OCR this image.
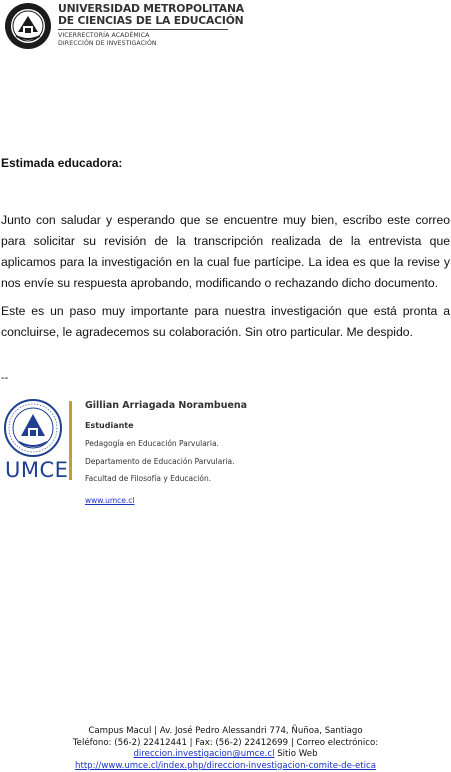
UNIVERSIDAD METROPOLITANA
DE CIENCIAS DE LA EDUCACIÓN
VICERRECTORÍA ACADÉMICA
DIRECCIÓN DE INVESTIGACIÓN

Estimada educadora:

Junto con saludar y esperando que se encuentre muy bien, escribo este correo para solicitar su revisión de la transcripción realizada de la entrevista que aplicamos para la investigación en la cual fue partícipe. La idea es que la revise y nos envíe su respuesta aprobando, modificando o rechazando dicho documento.

Este es un paso muy importante para nuestra investigación que está pronta a concluirse, le agradecemos su colaboración. Sin otro particular. Me despido.

--
UMCE
Gillian Arriagada Norambuena
Estudiante
Pedagogía en Educación Parvularia.
Departamento de Educación Parvularia.
Facultad de Filosofía y Educación.
www.umce.cl
Campus Macul | Av. José Pedro Alessandri 774, Ñuñoa, Santiago
Teléfono: (56-2) 22412441 | Fax: (56-2) 22412699 | Correo electrónico:
direccion.investigacion@umce.cl Sitio Web
http://www.umce.cl/index.php/direccion-investigacion-comite-de-etica
